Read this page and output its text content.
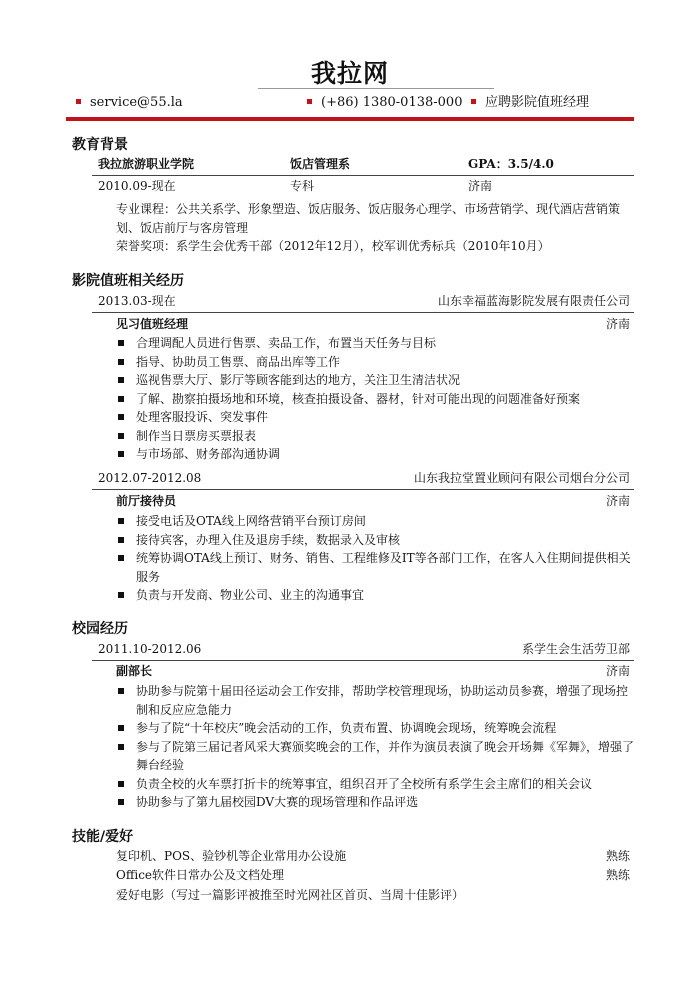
我拉网
service@55.la	(+86) 1380-0138-000	应聘影院值班经理
教育背景
我拉旅游职业学院	饭店管理系	GPA：3.5/4.0
2010.09-现在	专科	济南
专业课程：公共关系学、形象塑造、饭店服务、饭店服务心理学、市场营销学、现代酒店营销策划、饭店前厅与客房管理
荣誉奖项：系学生会优秀干部（2012年12月），校军训优秀标兵（2010年10月）
影院值班相关经历
2013.03-现在	山东幸福蓝海影院发展有限责任公司
见习值班经理	济南
合理调配人员进行售票、卖品工作，布置当天任务与目标
指导、协助员工售票、商品出库等工作
巡视售票大厅、影厅等顾客能到达的地方，关注卫生清洁状况
了解、勘察拍摄场地和环境，核查拍摄设备、器材，针对可能出现的问题准备好预案
处理客服投诉、突发事件
制作当日票房买票报表
与市场部、财务部沟通协调
2012.07-2012.08	山东我拉堂置业顾问有限公司烟台分公司
前厅接待员	济南
接受电话及OTA线上网络营销平台预订房间
接待宾客，办理入住及退房手续，数据录入及审核
统筹协调OTA线上预订、财务、销售、工程维修及IT等各部门工作，在客人入住期间提供相关服务
负责与开发商、物业公司、业主的沟通事宜
校园经历
2011.10-2012.06	系学生会生活劳卫部
副部长	济南
协助参与院第十届田径运动会工作安排，帮助学校管理现场，协助运动员参赛，增强了现场控制和反应应急能力
参与了院“十年校庆”晚会活动的工作，负责布置、协调晚会现场，统筹晚会流程
参与了院第三届记者风采大赛颁奖晚会的工作，并作为演员表演了晚会开场舞《军舞》，增强了舞台经验
负责全校的火车票打折卡的统筹事宜，组织召开了全校所有系学生会主席们的相关会议
协助参与了第九届校园DV大赛的现场管理和作品评选
技能/爱好
复印机、POS、验钞机等企业常用办公设施	熟练
Office软件日常办公及文档处理	熟练
爱好电影（写过一篇影评被推至时光网社区首页、当周十佳影评）
